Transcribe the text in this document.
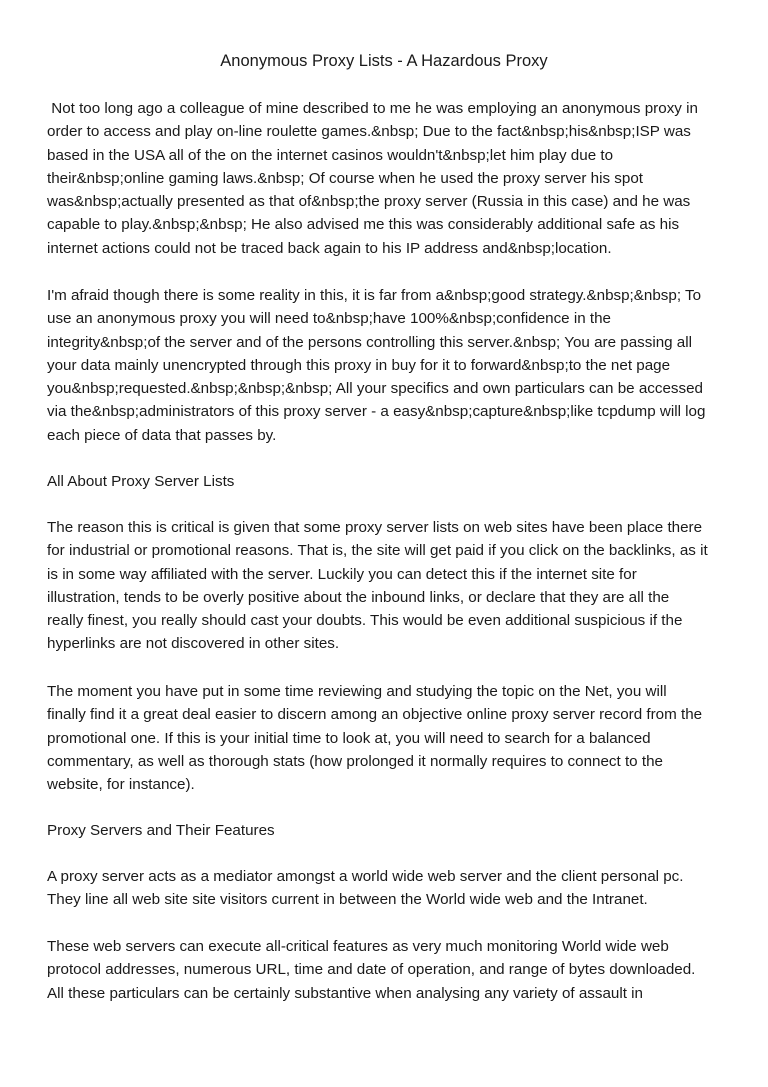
Anonymous Proxy Lists - A Hazardous Proxy
Not too long ago a colleague of mine described to me he was employing an anonymous proxy in
order to access and play on-line roulette games.&nbsp; Due to the fact&nbsp;his&nbsp;ISP was
based in the USA all of the on the internet casinos wouldn't&nbsp;let him play due to
their&nbsp;online gaming laws.&nbsp; Of course when he used the proxy server his spot
was&nbsp;actually presented as that of&nbsp;the proxy server (Russia in this case) and he was
capable to play.&nbsp;&nbsp; He also advised me this was considerably additional safe as his
internet actions could not be traced back again to his IP address and&nbsp;location.
I'm afraid though there is some reality in this, it is far from a&nbsp;good strategy.&nbsp;&nbsp; To
use an anonymous proxy you will need to&nbsp;have 100%&nbsp;confidence in the
integrity&nbsp;of the server and of the persons controlling this server.&nbsp; You are passing all
your data mainly unencrypted through this proxy in buy for it to forward&nbsp;to the net page
you&nbsp;requested.&nbsp;&nbsp;&nbsp; All your specifics and own particulars can be accessed
via the&nbsp;administrators of this proxy server - a easy&nbsp;capture&nbsp;like tcpdump will log
each piece of data that passes by.
All About Proxy Server Lists
The reason this is critical is given that some proxy server lists on web sites have been place there
for industrial or promotional reasons. That is, the site will get paid if you click on the backlinks, as it
is in some way affiliated with the server. Luckily you can detect this if the internet site for
illustration, tends to be overly positive about the inbound links, or declare that they are all the
really finest, you really should cast your doubts. This would be even additional suspicious if the
hyperlinks are not discovered in other sites.
The moment you have put in some time reviewing and studying the topic on the Net, you will
finally find it a great deal easier to discern among an objective online proxy server record from the
promotional one. If this is your initial time to look at, you will need to search for a balanced
commentary, as well as thorough stats (how prolonged it normally requires to connect to the
website, for instance).
Proxy Servers and Their Features
A proxy server acts as a mediator amongst a world wide web server and the client personal pc.
They line all web site site visitors current in between the World wide web and the Intranet.
These web servers can execute all-critical features as very much monitoring World wide web
protocol addresses, numerous URL, time and date of operation, and range of bytes downloaded.
All these particulars can be certainly substantive when analysing any variety of assault in
